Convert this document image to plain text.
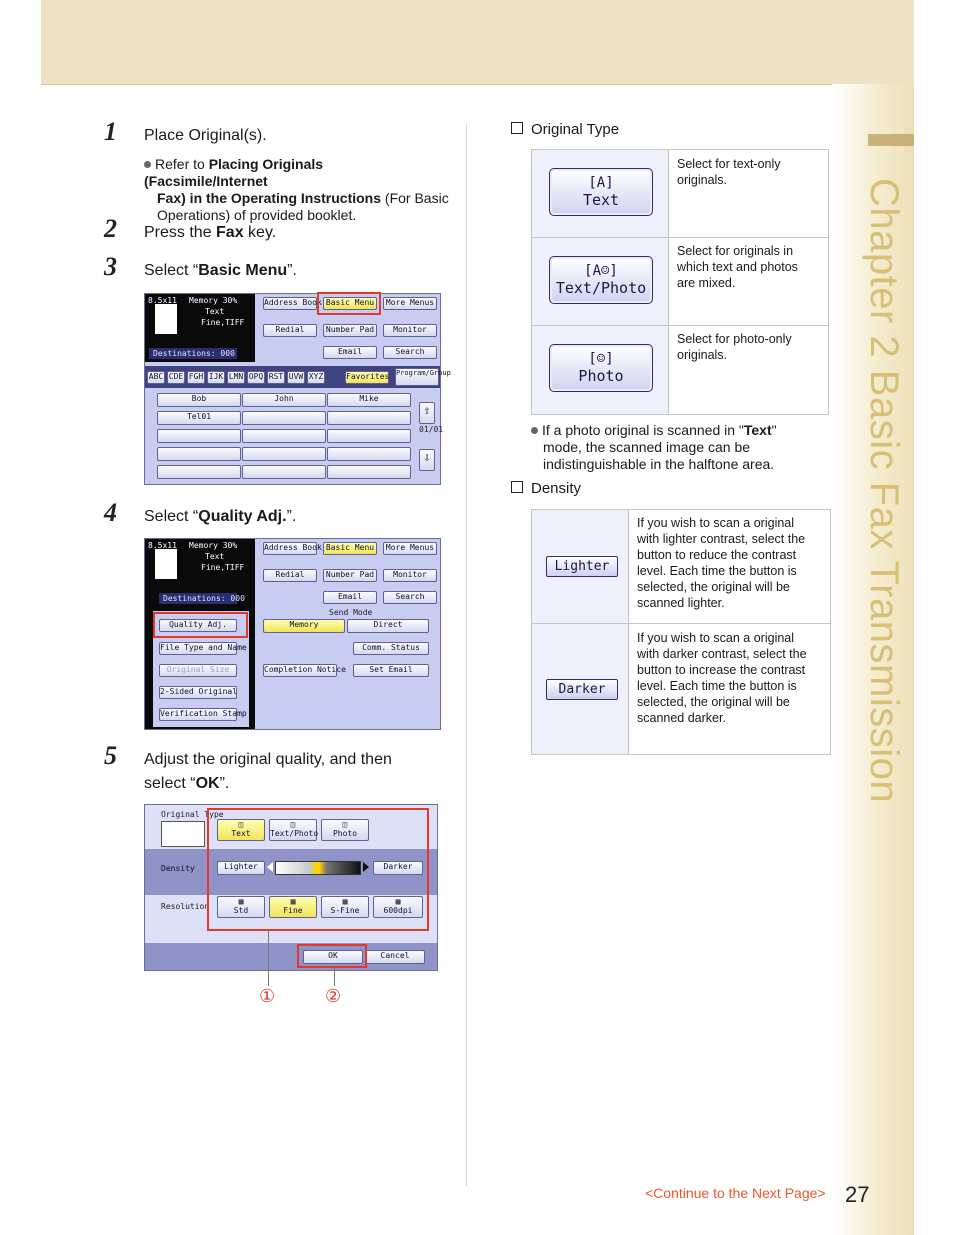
Chapter 2 Basic Fax Transmission
1 Place Original(s).
Refer to Placing Originals (Facsimile/Internet
Fax) in the Operating Instructions (For Basic
Operations) of provided booklet.
2 Press the Fax key.
3 Select “Basic Menu”.
8.5x11 Memory 30%
Text
Fine,TIFF
Destinations: 000
Address Book Basic Menu	More Menus
Redial	Number Pad	Monitor
Email	Search
ABC CDE FGH IJK LMN OPQ RST UVW XYZ	Favorites Program/Group
Bob	John	Mike
Tel01	⇧
01/01
⇩
4 Select “Quality Adj.”.
8.5x11 Memory 30%
Text
Fine,TIFF
Destinations: 000
Quality Adj.
File Type and Name
Original Size
2-Sided Original
Verification Stamp
Address Book Basic Menu	More Menus
Redial	Number Pad	Monitor
Email	Search
Send Mode
Memory	Direct
Comm. Status
Completion Notice	Set Email
5 Adjust the original quality, and then
select “OK”.
Original Type
◫
Text
◫
Text/Photo
◫
Photo
Density	Lighter	Darker
Resolution
▦
Std
▦
Fine
▦
S-Fine
▦
600dpi
OK	Cancel
①	②
Original Type
[A]
Text
Select for text-only
originals.
[A☺]
Text/Photo
Select for originals in
which text and photos
are mixed.
[☺]
Photo
Select for photo-only
originals.
If a photo original is scanned in "Text"
mode, the scanned image can be
indistinguishable in the halftone area.
Density
Lighter
If you wish to scan a original
with lighter contrast, select the
button to reduce the contrast
level. Each time the button is
selected, the original will be
scanned lighter.
Darker
If you wish to scan a original
with darker contrast, select the
button to increase the contrast
level. Each time the button is
selected, the original will be
scanned darker.
<Continue to the Next Page> 27
